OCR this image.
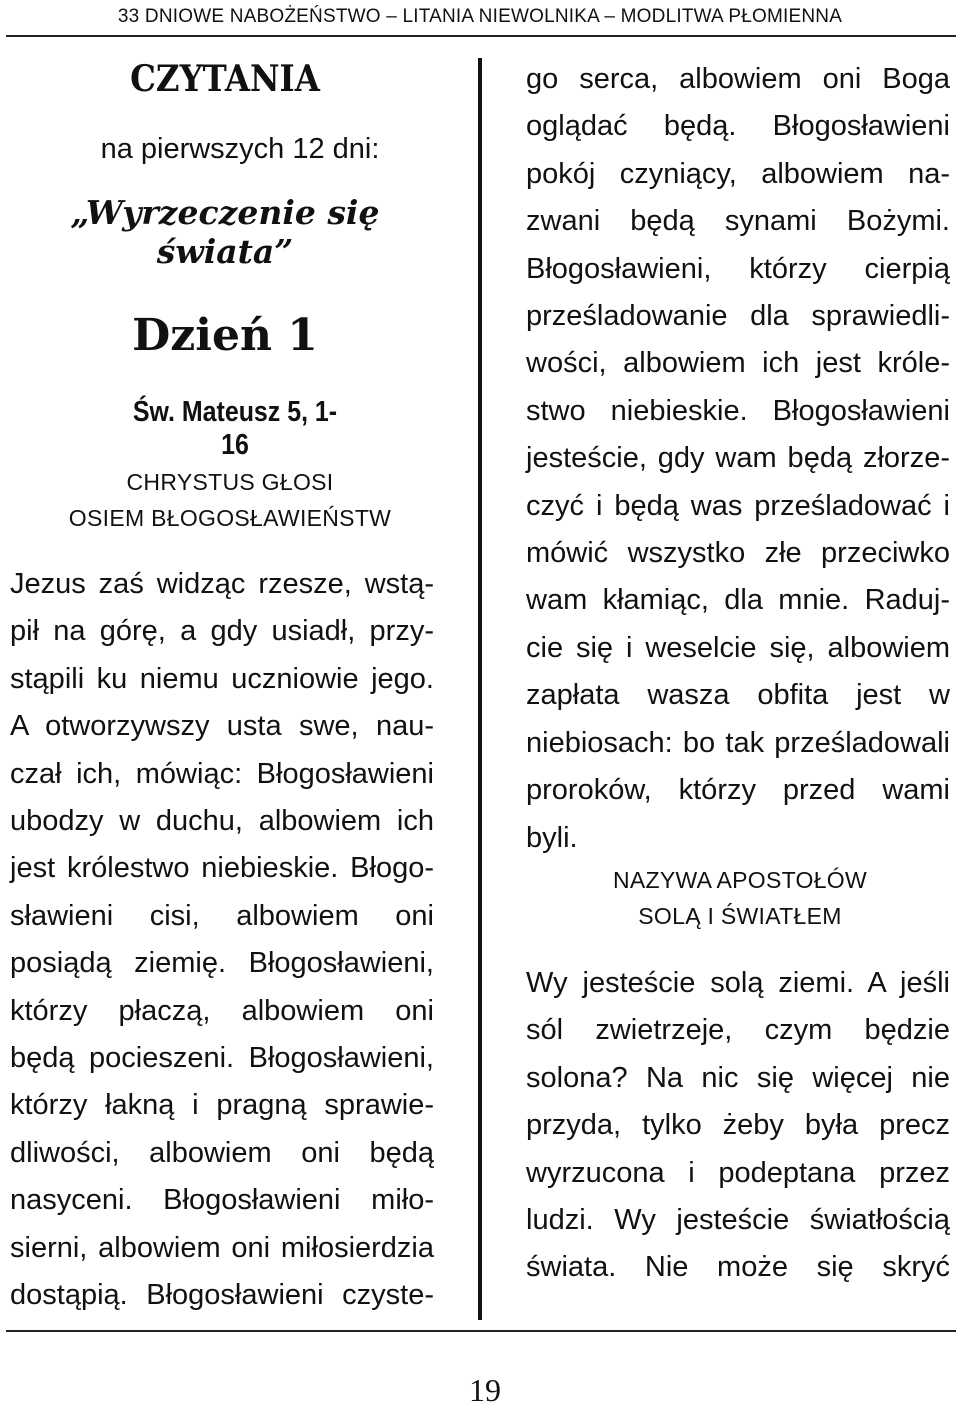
33 DNIOWE NABOŻEŃSTWO – LITANIA NIEWOLNIKA – MODLITWA PŁOMIENNA
CZYTANIA
na pierwszych 12 dni:
„Wyrzeczenie się świata”
Dzień 1
Św. Mateusz 5, 1-16
CHRYSTUS GŁOSI
OSIEM BŁOGOSŁAWIEŃSTW
Jezus zaś widząc rzesze, wstą-
pił na górę, a gdy usiadł, przy-
stąpili ku niemu uczniowie jego.
A otworzywszy usta swe, nau-
czał ich, mówiąc: Błogosławieni
ubodzy w duchu, albowiem ich
jest królestwo niebieskie. Błogo-
sławieni cisi, albowiem oni
posiądą ziemię. Błogosławieni,
którzy płaczą, albowiem oni
będą pocieszeni. Błogosławieni,
którzy łakną i pragną sprawie-
dliwości, albowiem oni będą
nasyceni. Błogosławieni miło-
sierni, albowiem oni miłosierdzia
dostąpią. Błogosławieni czyste-
go serca, albowiem oni Boga
oglądać będą. Błogosławieni
pokój czyniący, albowiem na-
zwani będą synami Bożymi.
Błogosławieni, którzy cierpią
prześladowanie dla sprawiedli-
wości, albowiem ich jest króle-
stwo niebieskie. Błogosławieni
jesteście, gdy wam będą złorze-
czyć i będą was prześladować i
mówić wszystko złe przeciwko
wam kłamiąc, dla mnie. Raduj-
cie się i weselcie się, albowiem
zapłata wasza obfita jest w
niebiosach: bo tak prześladowali
proroków, którzy przed wami
byli.
NAZYWA APOSTOŁÓW
SOLĄ I ŚWIATŁEM
Wy jesteście solą ziemi. A jeśli
sól zwietrzeje, czym będzie
solona? Na nic się więcej nie
przyda, tylko żeby była precz
wyrzucona i podeptana przez
ludzi. Wy jesteście światłością
świata. Nie może się skryć
19
